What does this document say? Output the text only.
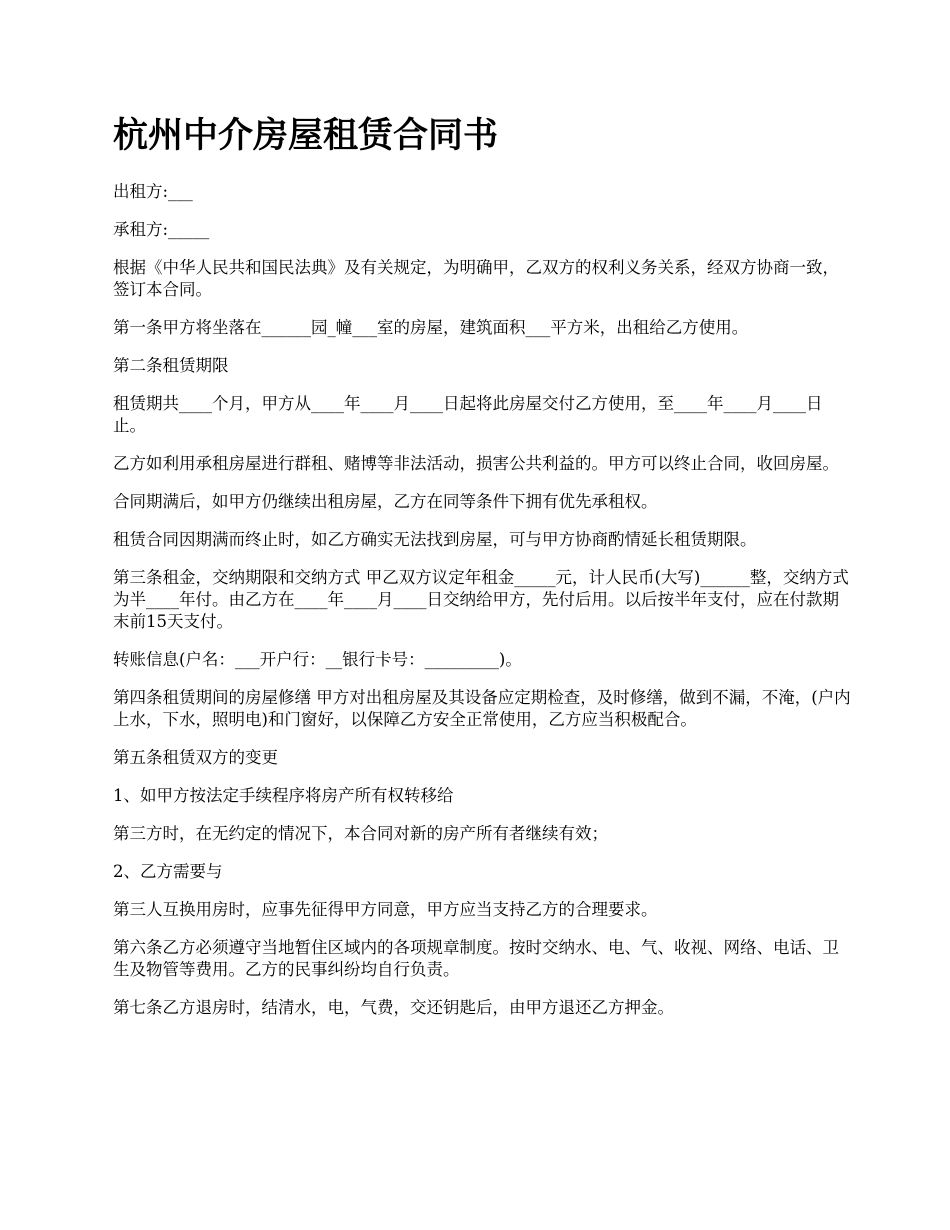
杭州中介房屋租赁合同书

出租方:___

承租方:_____

根据《中华人民共和国民法典》及有关规定，为明确甲，乙双方的权利义务关系，经双方协商一致，签订本合同。

第一条甲方将坐落在______园_幢___室的房屋，建筑面积___平方米，出租给乙方使用。

第二条租赁期限

租赁期共____个月，甲方从____年____月____日起将此房屋交付乙方使用，至____年____月____日止。

乙方如利用承租房屋进行群租、赌博等非法活动，损害公共利益的。甲方可以终止合同，收回房屋。

合同期满后，如甲方仍继续出租房屋，乙方在同等条件下拥有优先承租权。

租赁合同因期满而终止时，如乙方确实无法找到房屋，可与甲方协商酌情延长租赁期限。

第三条租金，交纳期限和交纳方式 甲乙双方议定年租金_____元，计人民币(大写)______整，交纳方式为半____年付。由乙方在____年____月____日交纳给甲方，先付后用。以后按半年支付，应在付款期末前15天支付。

转账信息(户名：___开户行：__银行卡号：_________)。

第四条租赁期间的房屋修缮 甲方对出租房屋及其设备应定期检查，及时修缮，做到不漏，不淹，(户内上水，下水，照明电)和门窗好，以保障乙方安全正常使用，乙方应当积极配合。

第五条租赁双方的变更

1、如甲方按法定手续程序将房产所有权转移给

第三方时，在无约定的情况下，本合同对新的房产所有者继续有效；

2、乙方需要与

第三人互换用房时，应事先征得甲方同意，甲方应当支持乙方的合理要求。

第六条乙方必须遵守当地暂住区域内的各项规章制度。按时交纳水、电、气、收视、网络、电话、卫生及物管等费用。乙方的民事纠纷均自行负责。

第七条乙方退房时，结清水，电，气费，交还钥匙后，由甲方退还乙方押金。
